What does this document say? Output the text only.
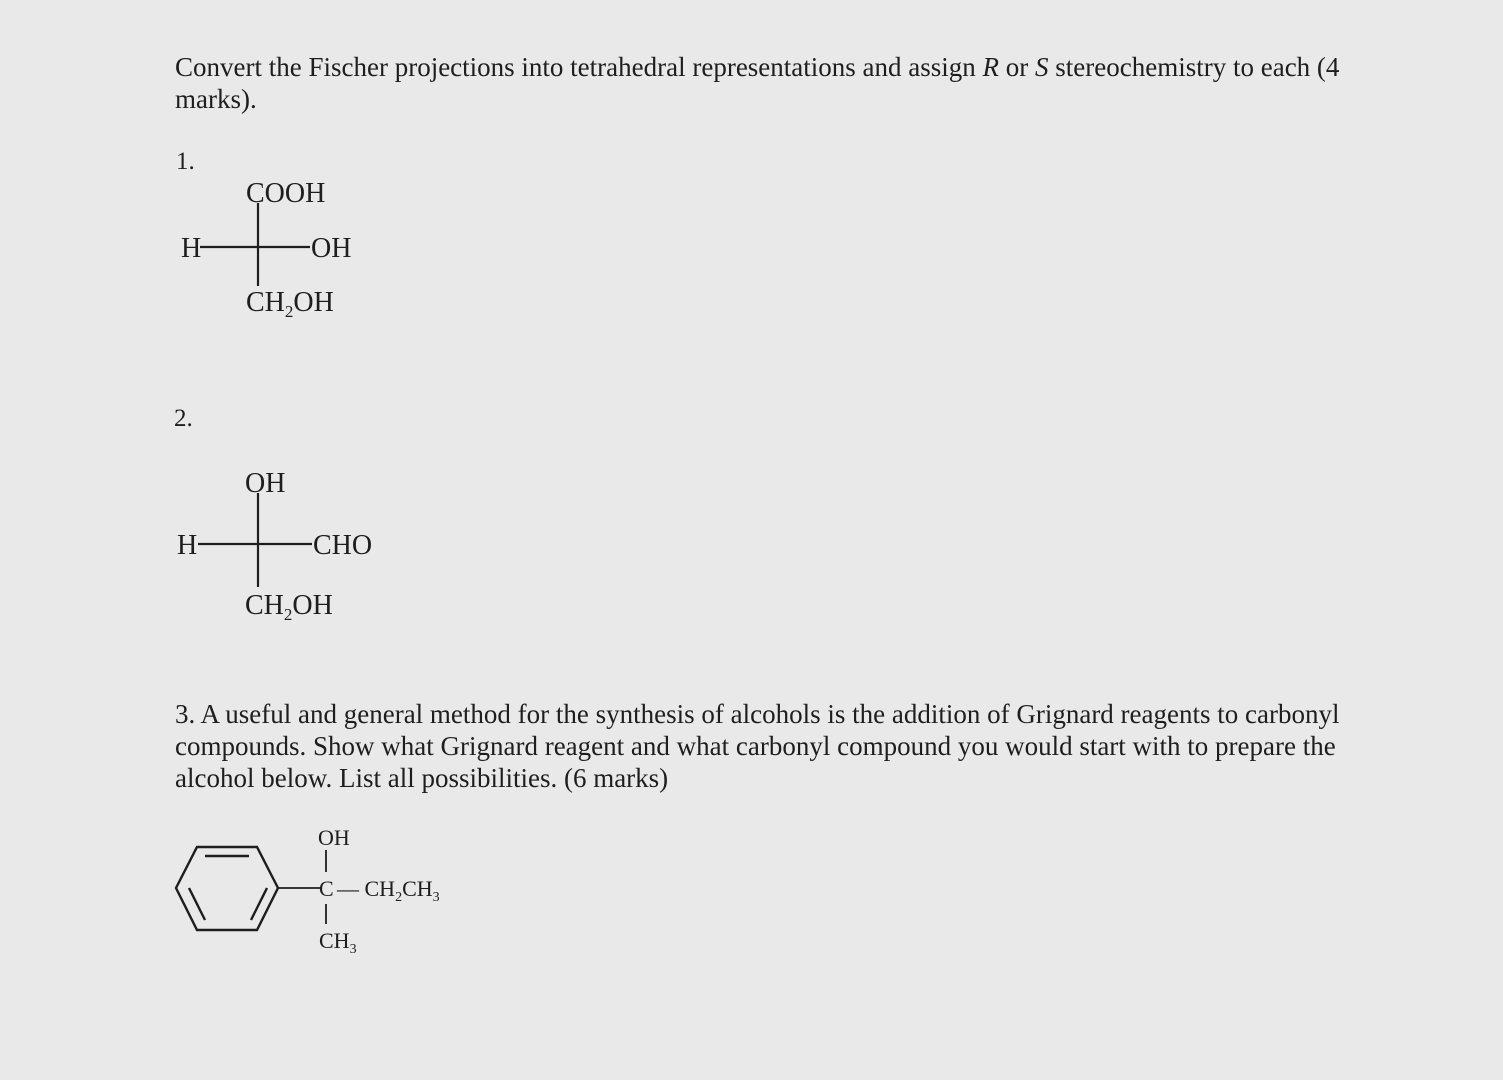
Convert the Fischer projections into tetrahedral representations and assign R or S stereochemistry to each (4 marks).

1.
2.

3. A useful and general method for the synthesis of alcohols is the addition of Grignard reagents to carbonyl compounds. Show what Grignard reagent and what carbonyl compound you would start with to prepare the alcohol below. List all possibilities. (6 marks)

COOH
H	OH
$CH_2OH$
OH
H	CHO
$CH_2OH$
OH
C — $CH_2CH_3$
$CH_3$
